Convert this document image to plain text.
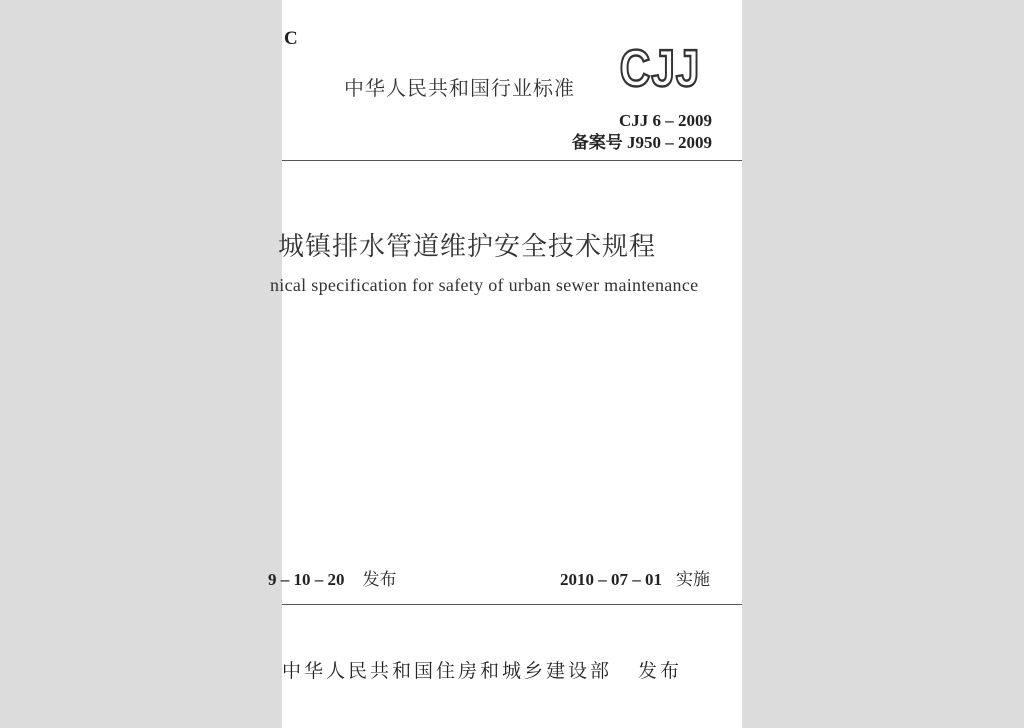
C
中华人民共和国行业标准 CJJ
CJJ 6 – 2009
备案号 J950 – 2009
城镇排水管道维护安全技术规程
nical specification for safety of urban sewer maintenance
9 – 10 – 20 发布	2010 – 07 – 01 实施
中华人民共和国住房和城乡建设部 发布
